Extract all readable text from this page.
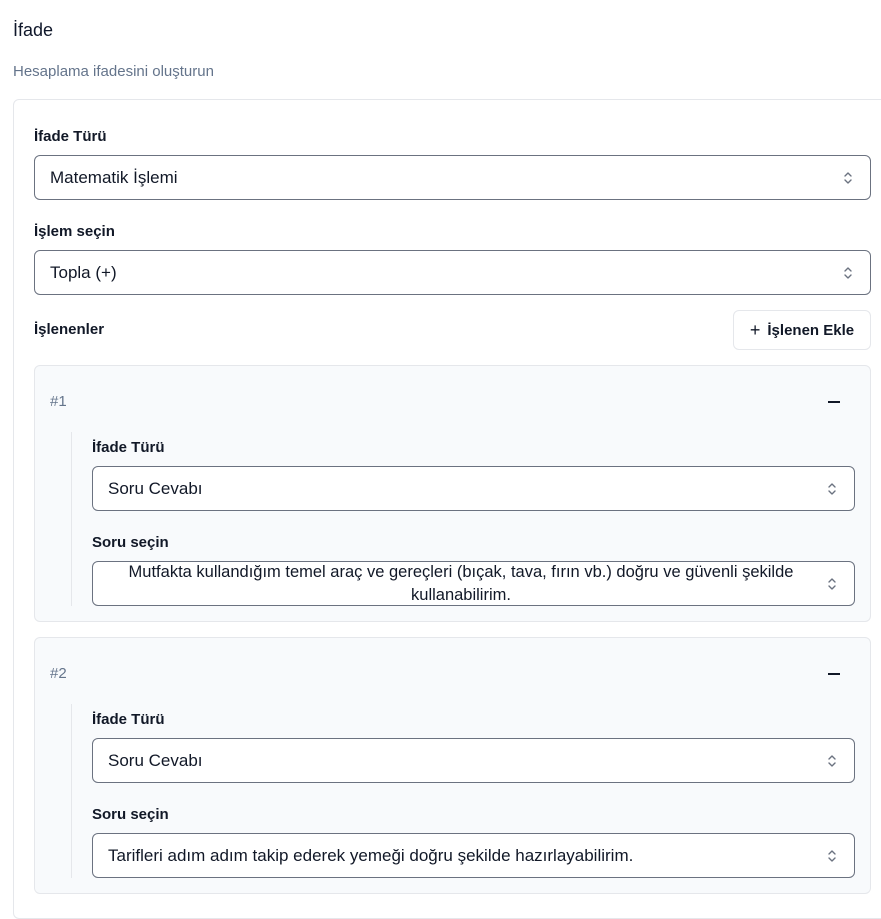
İfade
Hesaplama ifadesini oluşturun
İfade Türü
Matematik İşlemi
İşlem seçin
Topla (+)
İşlenenler	+ İşlenen Ekle
#1
İfade Türü
Soru Cevabı
Soru seçin
Mutfakta kullandığım temel araç ve gereçleri (bıçak, tava, fırın vb.) doğru ve güvenli şekilde kullanabilirim.
#2
İfade Türü
Soru Cevabı
Soru seçin
Tarifleri adım adım takip ederek yemeği doğru şekilde hazırlayabilirim.
